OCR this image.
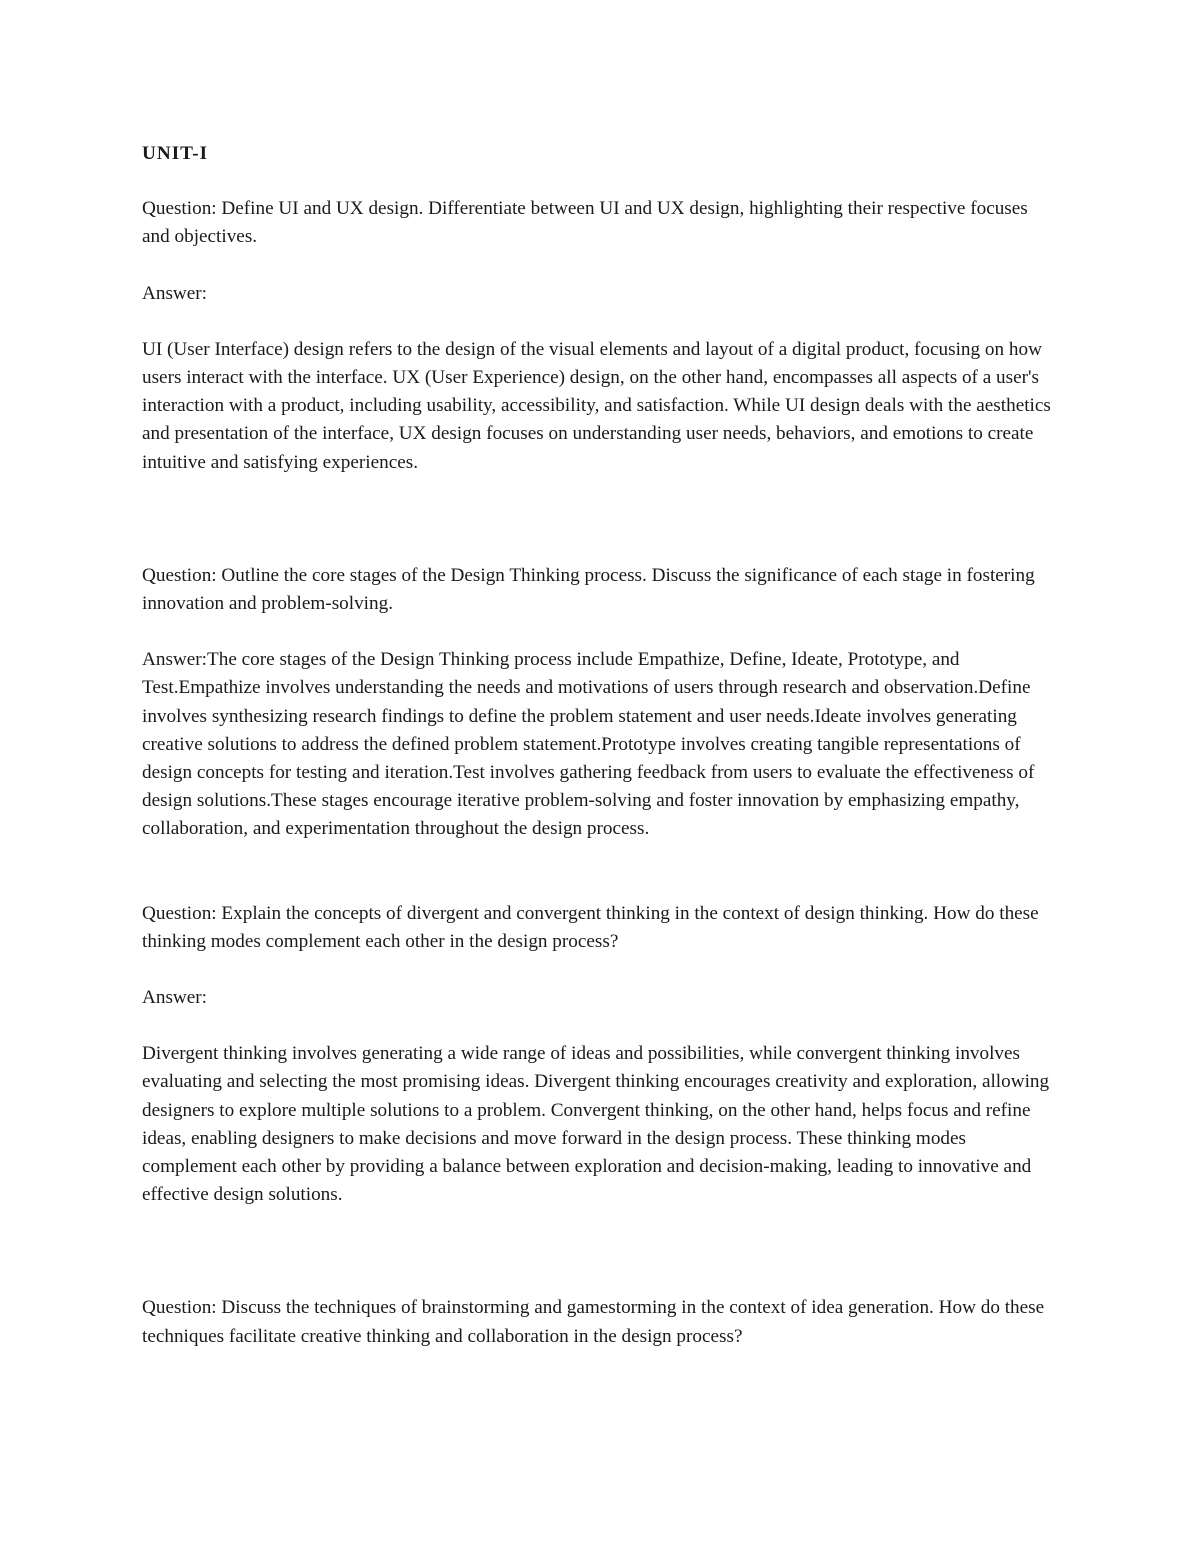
UNIT-I

Question: Define UI and UX design. Differentiate between UI and UX design, highlighting their respective focuses and objectives.

Answer:

UI (User Interface) design refers to the design of the visual elements and layout of a digital product, focusing on how users interact with the interface. UX (User Experience) design, on the other hand, encompasses all aspects of a user's interaction with a product, including usability, accessibility, and satisfaction. While UI design deals with the aesthetics and presentation of the interface, UX design focuses on understanding user needs, behaviors, and emotions to create intuitive and satisfying experiences.

Question: Outline the core stages of the Design Thinking process. Discuss the significance of each stage in fostering innovation and problem-solving.

Answer:The core stages of the Design Thinking process include Empathize, Define, Ideate, Prototype, and Test.Empathize involves understanding the needs and motivations of users through research and observation.Define involves synthesizing research findings to define the problem statement and user needs.Ideate involves generating creative solutions to address the defined problem statement.Prototype involves creating tangible representations of design concepts for testing and iteration.Test involves gathering feedback from users to evaluate the effectiveness of design solutions.These stages encourage iterative problem-solving and foster innovation by emphasizing empathy, collaboration, and experimentation throughout the design process.

Question: Explain the concepts of divergent and convergent thinking in the context of design thinking. How do these thinking modes complement each other in the design process?

Answer:

Divergent thinking involves generating a wide range of ideas and possibilities, while convergent thinking involves evaluating and selecting the most promising ideas. Divergent thinking encourages creativity and exploration, allowing designers to explore multiple solutions to a problem. Convergent thinking, on the other hand, helps focus and refine ideas, enabling designers to make decisions and move forward in the design process. These thinking modes complement each other by providing a balance between exploration and decision-making, leading to innovative and effective design solutions.

Question: Discuss the techniques of brainstorming and gamestorming in the context of idea generation. How do these techniques facilitate creative thinking and collaboration in the design process?
